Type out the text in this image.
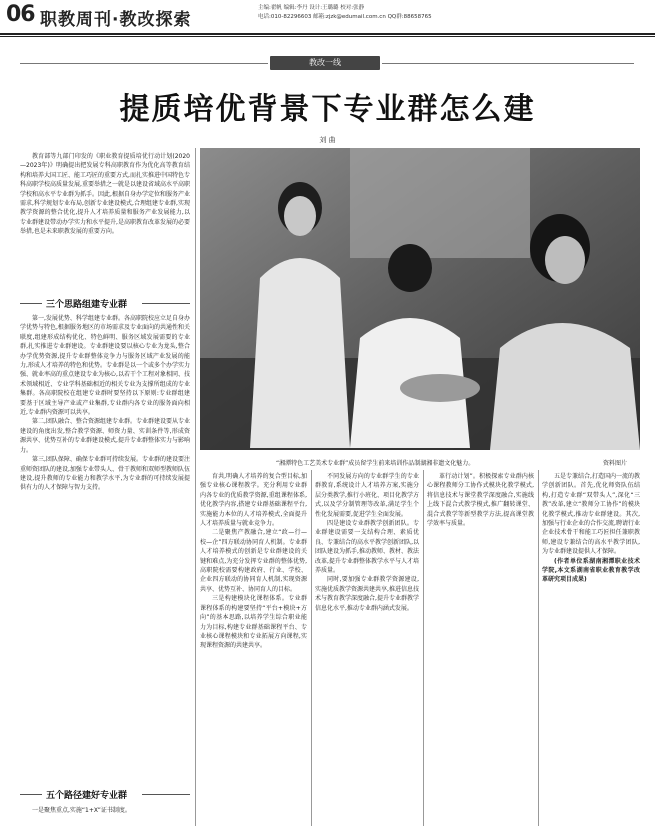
06 职教周刊·教改探索
主编:翟帆 编辑:李丹 设计:王璐璐 校对:张静
电话:010-82296603 邮箱:zjzk@edumail.com.cn QQ群:88658765
教改一线
提质培优背景下专业群怎么建
刘 曲

教育部等九部门印发的《职业教育提质培优行动计划(2020—2023年)》明确提出把发展专科高职教育作为优化高等教育结构和培养大国工匠、能工巧匠的重要方式,而扎实推进中国特色专科高职学校高质量发展,重要举措之一就是以建设省域高水平高职学校和高水平专业群为抓手。因此,根据自身办学定位和服务产业需求,科学规划专业布局,创新专业建设模式,合理组建专业群,实现教学资源的整合优化,提升人才培养质量和服务产业发展能力,以专业群建设带动办学实力和水平提升,是高职教育改革发展的必要举措,也是未来职教发展的重要方向。

三个思路组建专业群

第一,发展优势、科学组建专业群。各高职院校应立足自身办学优势与特色,根据服务地区的市场需求及专业面向的共通性和关联度,组建形成结构优化、特色鲜明、服务区域发展需要的专业群,扎实推进专业群建设。专业群建设要以核心专业为龙头,整合办学优势资源,提升专业群整体竞争力与服务区域产业发展的能力,形成人才培养的特色和优势。专业群是以一个或多个办学实力强、就业率高的重点建设专业为核心,以若干个工程对象相同、技术领域相近、专业学科基础相近的相关专业为支撑所组成的专业集群。各高职院校在组建专业群时要坚持以下原则:专业群组建要基于区域主导产业或产业集群,专业群内各专业的服务面向相近,专业群内资源可以共享。

第二,团队融合、整合资源组建专业群。专业群建设要从专业建设的角度出发,整合教学资源、师资力量、实训条件等,形成资源共享、优势互补的专业群建设模式,提升专业群整体实力与影响力。

第三,团队保障、确保专业群可持续发展。专业群的建设要注重师资团队的建设,加强专业带头人、骨干教师和双师型教师队伍建设,提升教师的专业能力和教学水平,为专业群的可持续发展提供有力的人才保障与智力支持。

五个路径建好专业群

一是聚焦重点,实施“1+X”证书制度。

“湘潭特色工艺美术专业群”成员留学生前来培训作品制湖湘非遗文化魅力。	资料图片

育共,明确人才培养的复合型目标,加强专业核心课程教学。充分利用专业群内各专业的优质教学资源,重组课程体系,优化教学内容,搭建专业群基础课程平台,实施能力本位的人才培养模式,全面提升人才培养质量与就业竞争力。

二是聚焦产教融合,建立“政—行—校—企”四方联动协同育人机制。专业群人才培养模式的创新是专业群建设的关键和难点,为充分发挥专业群的整体优势,高职院校需要构建政府、行业、学校、企业四方联动的协同育人机制,实现资源共享、优势互补、协同育人的目标。

三是构建模块化课程体系。专业群课程体系的构建要坚持“平台+模块+方向”的基本思路,以培养学生综合职业能力为目标,构建专业群基础课程平台、专业核心课程模块和专业拓展方向课程,实现课程资源的共建共享。

不同发展方向的专业群学生的专业群教育,系统设计人才培养方案,实施分层分类教学,推行小班化、项目化教学方式,以及学分制管理等改革,满足学生个性化发展需要,促进学生全面发展。

四是建设专业群教学创新团队。专业群建设需要一支结构合理、素质优良、专兼结合的高水平教学创新团队,以团队建设为抓手,推动教师、教材、教法改革,提升专业群整体教学水平与人才培养质量。

同时,要加强专业群教学资源建设,实施优质教学资源共建共享,推进信息技术与教育教学深度融合,提升专业群教学信息化水平,推动专业群内涵式发展。

革行动计划”。积极探索专业群内核心课程教师分工协作式模块化教学模式,将信息技术与课堂教学深度融合,实施线上线下混合式教学模式,推广翻转课堂、混合式教学等新型教学方法,提高课堂教学效率与质量。

五是专兼结合,打造国内一流的教学创新团队。首先,优化师资队伍结构,打造专业群“双带头人”,深化“三教”改革,建立“教师分工协作”的模块化教学模式,推动专业群建设。其次,加强与行业企业的合作交流,聘请行业企业技术骨干和能工巧匠担任兼职教师,建设专兼结合的高水平教学团队,为专业群建设提供人才保障。

(作者单位系湖南湘潭职业技术学院,本文系湖南省职业教育教学改革研究项目成果)
